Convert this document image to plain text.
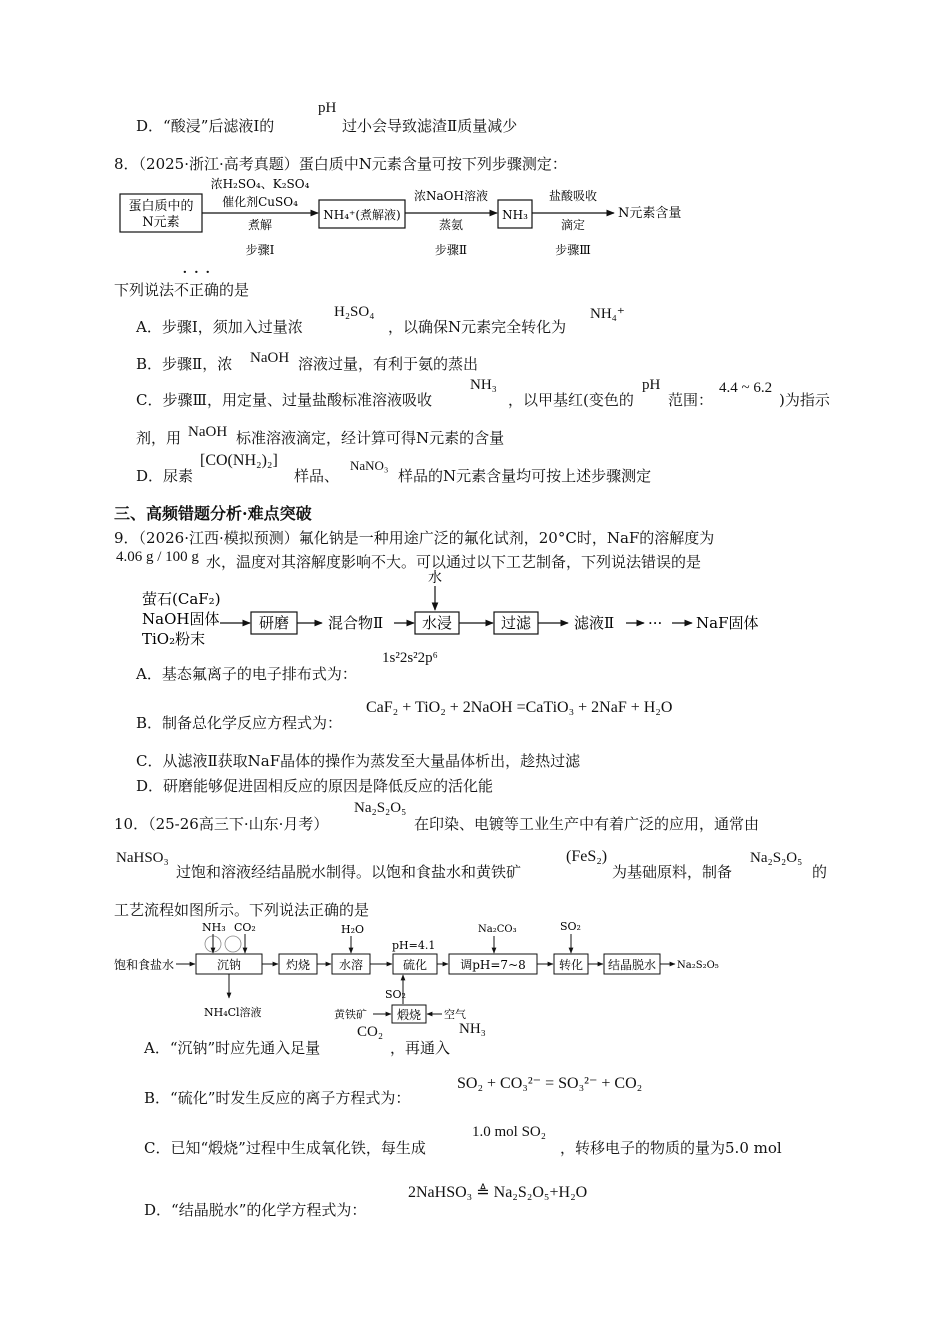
D．“酸浸”后滤液Ⅰ的
pH
过小会导致滤渣Ⅱ质量减少
8．（2025·浙江·高考真题）蛋白质中N元素含量可按下列步骤测定：
蛋白质中的
N元素
浓H₂SO₄、K₂SO₄
催化剂CuSO₄
煮解
步骤Ⅰ
NH₄⁺(煮解液)
浓NaOH溶液
蒸氨
步骤Ⅱ
NH₃
盐酸吸收
滴定
步骤Ⅲ
N元素含量
· · ·
下列说法不正确的是
A．步骤Ⅰ，须加入过量浓
H₂SO₄
，以确保N元素完全转化为
NH₄⁺
B．步骤Ⅱ，浓 NaOH 溶液过量，有利于氨的蒸出
C．步骤Ⅲ，用定量、过量盐酸标准溶液吸收
NH₃
，以甲基红(变色的
pH
范围：
4.4 ~ 6.2
)为指示
剂，用 NaOH 标准溶液滴定，经计算可得N元素的含量
D．尿素
[CO(NH₂)₂]
样品、
NaNO₃
样品的N元素含量均可按上述步骤测定
三、高频错题分析·难点突破
9．（2026·江西·模拟预测）氟化钠是一种用途广泛的氟化试剂，20°C时，NaF的溶解度为
4.06 g / 100 g 水，温度对其溶解度影响不大。可以通过以下工艺制备，下列说法错误的是
萤石(CaF₂)
NaOH固体
TiO₂粉末
研磨	混合物Ⅱ
水
水浸	过滤	滤液Ⅱ ··· NaF固体
A．基态氟离子的电子排布式为：
1s²2s²2p⁶
B．制备总化学反应方程式为：
CaF₂ + TiO₂ + 2NaOH =CaTiO₃ + 2NaF + H₂O
C．从滤液Ⅱ获取NaF晶体的操作为蒸发至大量晶体析出，趁热过滤
D．研磨能够促进固相反应的原因是降低反应的活化能
10．（25-26高三下·山东·月考）
Na₂S₂O₅
在印染、电镀等工业生产中有着广泛的应用，通常由
NaHSO₃
过饱和溶液经结晶脱水制得。以饱和食盐水和黄铁矿
(FeS₂)
为基础原料，制备
Na₂S₂O₅
的
工艺流程如图所示。下列说法正确的是
饱和食盐水
NH₃ CO₂
沉钠
NH₄Cl溶液
灼烧
H₂O
水溶
pH=4.1
硫化
SO₂
煅烧
黄铁矿	空气
Na₂CO₃
调pH=7~8
SO₂
转化 结晶脱水 Na₂S₂O₅
A．“沉钠”时应先通入足量
CO₂
，再通入
NH₃
B．“硫化”时发生反应的离子方程式为：
SO₂ + CO₃²⁻ = SO₃²⁻ + CO₂
C．已知“煅烧”过程中生成氧化铁，每生成
1.0 mol SO₂
，转移电子的物质的量为5.0 mol
D．“结晶脱水”的化学方程式为：
2NaHSO₃ ≜ Na₂S₂O₅+H₂O
